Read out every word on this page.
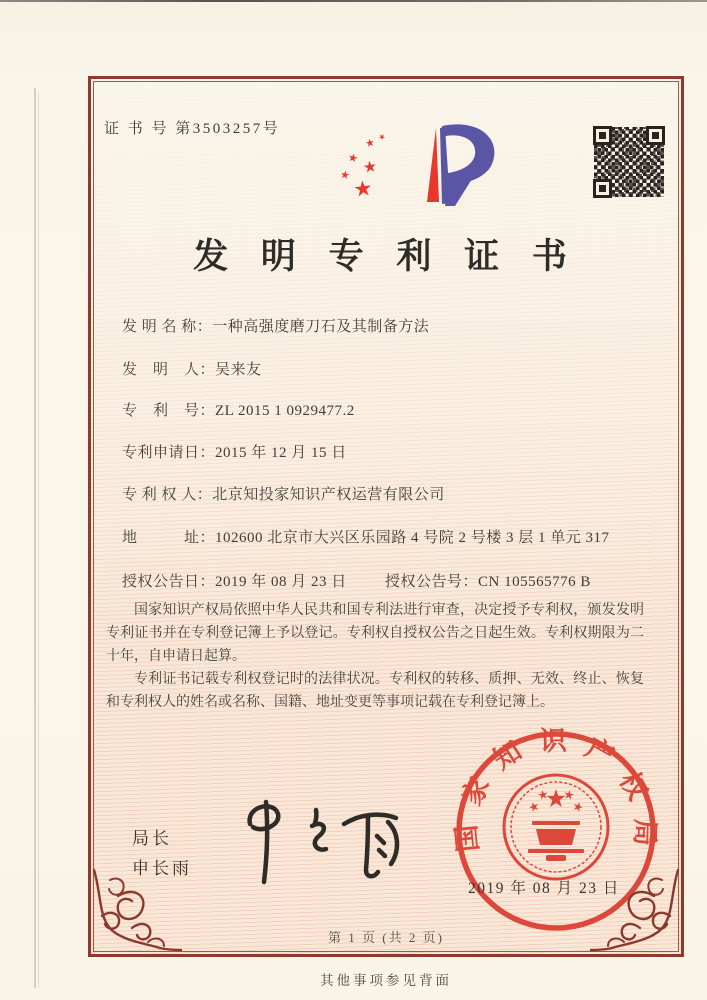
证 书 号 第3503257号
发 明 专 利 证 书
发 明 名 称：一种高强度磨刀石及其制备方法
发　明　人：吴来友
专　利　号：ZL 2015 1 0929477.2
专利申请日：2015 年 12 月 15 日
专 利 权 人：北京知投家知识产权运营有限公司
地　　　址：102600 北京市大兴区乐园路 4 号院 2 号楼 3 层 1 单元 317
授权公告日：2019 年 08 月 23 日	授权公告号：CN 105565776 B

国家知识产权局依照中华人民共和国专利法进行审查，决定授予专利权，颁发发明专利证书并在专利登记簿上予以登记。专利权自授权公告之日起生效。专利权期限为二十年，自申请日起算。

专利证书记载专利权登记时的法律状况。专利权的转移、质押、无效、终止、恢复和专利权人的姓名或名称、国籍、地址变更等事项记载在专利登记簿上。

局长
申长雨
国家知识产权局
2019 年 08 月 23 日
第 1 页 (共 2 页)
其他事项参见背面
